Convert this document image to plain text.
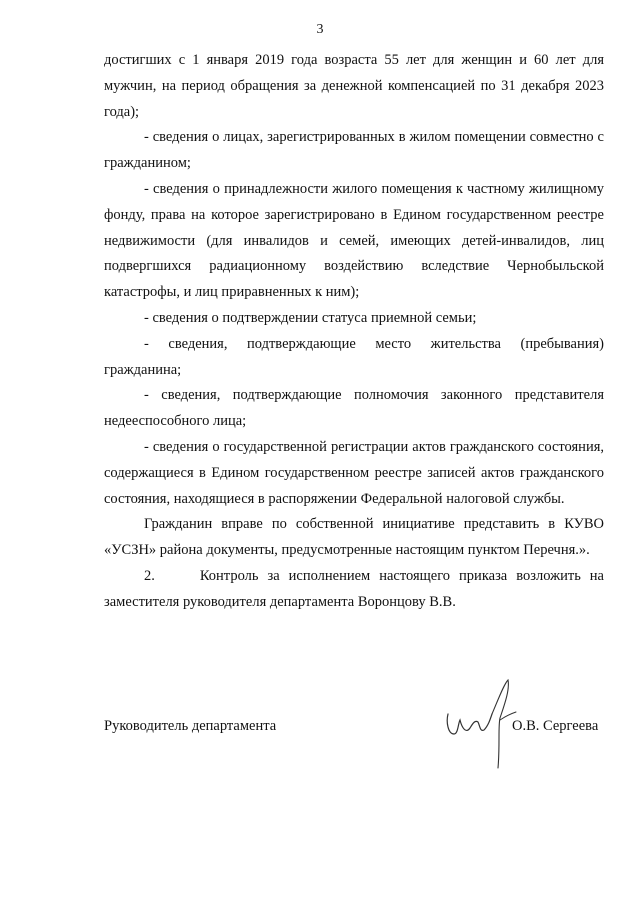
3

достигших с 1 января 2019 года возраста 55 лет для женщин и 60 лет для мужчин, на период обращения за денежной компенсацией по 31 декабря 2023 года);

- сведения о лицах, зарегистрированных в жилом помещении совместно с гражданином;

- сведения о принадлежности жилого помещения к частному жилищному фонду, права на которое зарегистрировано в Едином государственном реестре недвижимости (для инвалидов и семей, имеющих детей-инвалидов, лиц подвергшихся радиационному воздействию вследствие Чернобыльской катастрофы, и лиц приравненных к ним);

- сведения о подтверждении статуса приемной семьи;

- сведения, подтверждающие место жительства (пребывания) гражданина;

- сведения, подтверждающие полномочия законного представителя недееспособного лица;

- сведения о государственной регистрации актов гражданского состояния, содержащиеся в Едином государственном реестре записей актов гражданского состояния, находящиеся в распоряжении Федеральной налоговой службы.

Гражданин вправе по собственной инициативе представить в КУВО «УСЗН» района документы, предусмотренные настоящим пунктом Перечня.».

2.	Контроль за исполнением настоящего приказа возложить на заместителя руководителя департамента Воронцову В.В.

Руководитель департамента	О.В. Сергеева
